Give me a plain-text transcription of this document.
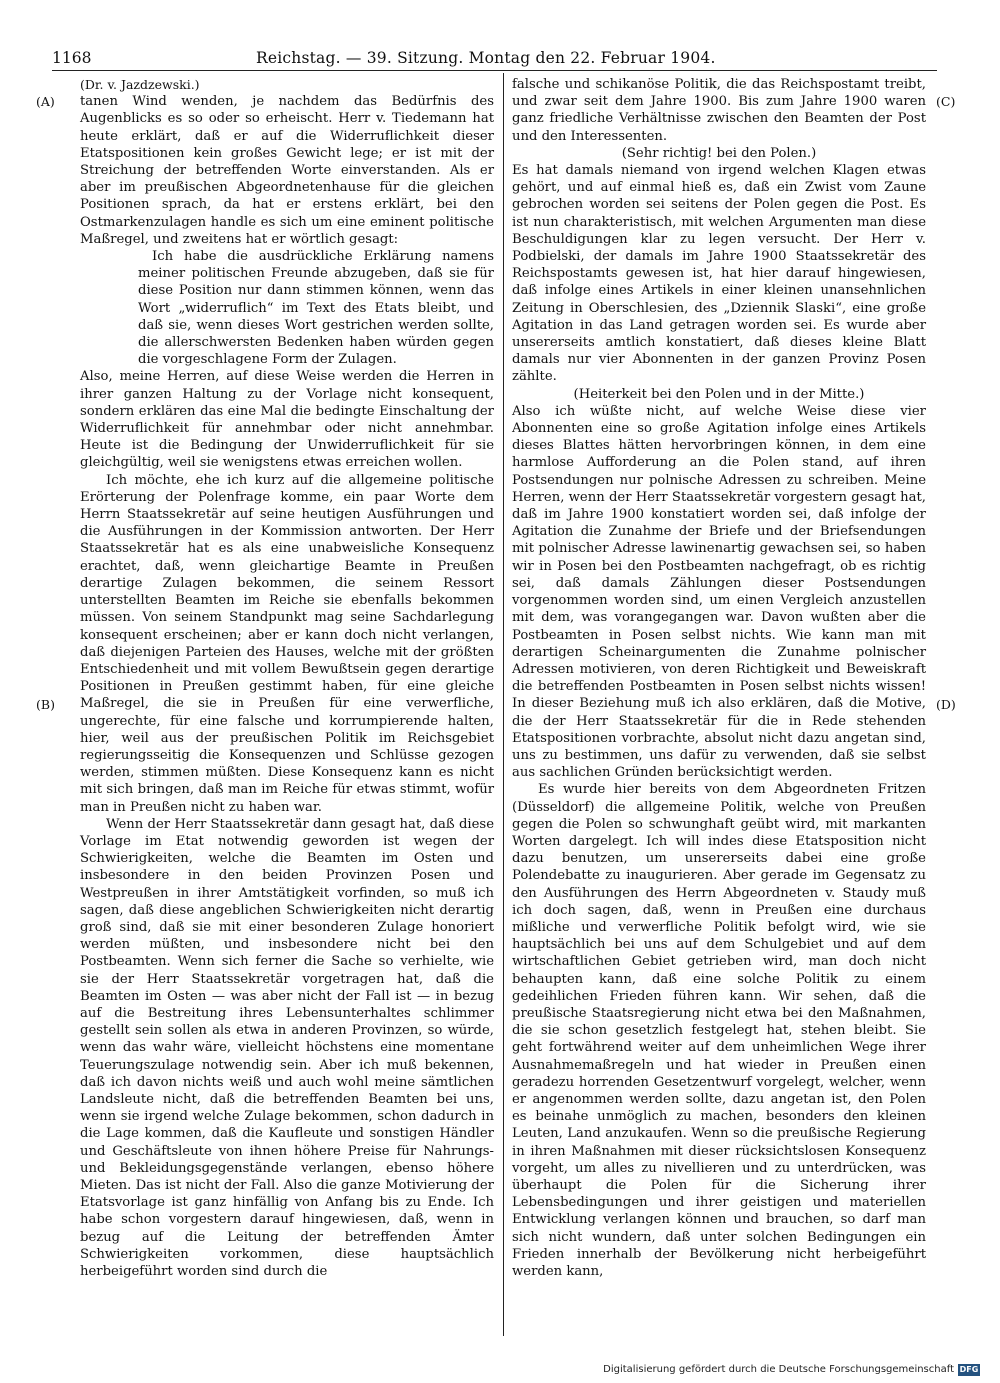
1168	Reichstag. — 39. Sitzung. Montag den 22. Februar 1904.
(A)
(B)
(C)
(D)

(Dr. v. Jazdzewski.)

tanen Wind wenden, je nachdem das Bedürfnis des Augenblicks es so oder so erheischt. Herr v. Tiedemann hat heute erklärt, daß er auf die Widerruflichkeit dieser Etatspositionen kein großes Gewicht lege; er ist mit der Streichung der betreffenden Worte einverstanden. Als er aber im preußischen Abgeordnetenhause für die gleichen Positionen sprach, da hat er erstens erklärt, bei den Ostmarkenzulagen handle es sich um eine eminent politische Maßregel, und zweitens hat er wörtlich gesagt:

Ich habe die ausdrückliche Erklärung namens meiner politischen Freunde abzugeben, daß sie für diese Position nur dann stimmen können, wenn das Wort „widerruflich“ im Text des Etats bleibt, und daß sie, wenn dieses Wort gestrichen werden sollte, die allerschwersten Bedenken haben würden gegen die vorgeschlagene Form der Zulagen.

Also, meine Herren, auf diese Weise werden die Herren in ihrer ganzen Haltung zu der Vorlage nicht konsequent, sondern erklären das eine Mal die bedingte Einschaltung der Widerruflichkeit für annehmbar oder nicht annehmbar. Heute ist die Bedingung der Unwiderruflichkeit für sie gleichgültig, weil sie wenigstens etwas erreichen wollen.

Ich möchte, ehe ich kurz auf die allgemeine politische Erörterung der Polenfrage komme, ein paar Worte dem Herrn Staatssekretär auf seine heutigen Ausführungen und die Ausführungen in der Kommission antworten. Der Herr Staatssekretär hat es als eine unabweisliche Konsequenz erachtet, daß, wenn gleichartige Beamte in Preußen derartige Zulagen bekommen, die seinem Ressort unterstellten Beamten im Reiche sie ebenfalls bekommen müssen. Von seinem Standpunkt mag seine Sachdarlegung konsequent erscheinen; aber er kann doch nicht verlangen, daß diejenigen Parteien des Hauses, welche mit der größten Entschiedenheit und mit vollem Bewußtsein gegen derartige Positionen in Preußen gestimmt haben, für eine gleiche Maßregel, die sie in Preußen für eine verwerfliche, ungerechte, für eine falsche und korrumpierende halten, hier, weil aus der preußischen Politik im Reichsgebiet regierungsseitig die Konsequenzen und Schlüsse gezogen werden, stimmen müßten. Diese Konsequenz kann es nicht mit sich bringen, daß man im Reiche für etwas stimmt, wofür man in Preußen nicht zu haben war.

Wenn der Herr Staatssekretär dann gesagt hat, daß diese Vorlage im Etat notwendig geworden ist wegen der Schwierigkeiten, welche die Beamten im Osten und insbesondere in den beiden Provinzen Posen und Westpreußen in ihrer Amtstätigkeit vorfinden, so muß ich sagen, daß diese angeblichen Schwierigkeiten nicht derartig groß sind, daß sie mit einer besonderen Zulage honoriert werden müßten, und insbesondere nicht bei den Postbeamten. Wenn sich ferner die Sache so verhielte, wie sie der Herr Staatssekretär vorgetragen hat, daß die Beamten im Osten — was aber nicht der Fall ist — in bezug auf die Bestreitung ihres Lebensunterhaltes schlimmer gestellt sein sollen als etwa in anderen Provinzen, so würde, wenn das wahr wäre, vielleicht höchstens eine momentane Teuerungszulage notwendig sein. Aber ich muß bekennen, daß ich davon nichts weiß und auch wohl meine sämtlichen Landsleute nicht, daß die betreffenden Beamten bei uns, wenn sie irgend welche Zulage bekommen, schon dadurch in die Lage kommen, daß die Kaufleute und sonstigen Händler und Geschäftsleute von ihnen höhere Preise für Nahrungs- und Bekleidungsgegenstände verlangen, ebenso höhere Mieten. Das ist nicht der Fall. Also die ganze Motivierung der Etatsvorlage ist ganz hinfällig von Anfang bis zu Ende. Ich habe schon vorgestern darauf hingewiesen, daß, wenn in bezug auf die Leitung der betreffenden Ämter Schwierigkeiten vorkommen, diese hauptsächlich herbeigeführt worden sind durch die

falsche und schikanöse Politik, die das Reichspostamt treibt, und zwar seit dem Jahre 1900. Bis zum Jahre 1900 waren ganz friedliche Verhältnisse zwischen den Beamten der Post und den Interessenten.

(Sehr richtig! bei den Polen.)

Es hat damals niemand von irgend welchen Klagen etwas gehört, und auf einmal hieß es, daß ein Zwist vom Zaune gebrochen worden sei seitens der Polen gegen die Post. Es ist nun charakteristisch, mit welchen Argumenten man diese Beschuldigungen klar zu legen versucht. Der Herr v. Podbielski, der damals im Jahre 1900 Staatssekretär des Reichspostamts gewesen ist, hat hier darauf hingewiesen, daß infolge eines Artikels in einer kleinen unansehnlichen Zeitung in Oberschlesien, des „Dziennik Slaski“, eine große Agitation in das Land getragen worden sei. Es wurde aber unsererseits amtlich konstatiert, daß dieses kleine Blatt damals nur vier Abonnenten in der ganzen Provinz Posen zählte.

(Heiterkeit bei den Polen und in der Mitte.)

Also ich wüßte nicht, auf welche Weise diese vier Abonnenten eine so große Agitation infolge eines Artikels dieses Blattes hätten hervorbringen können, in dem eine harmlose Aufforderung an die Polen stand, auf ihren Postsendungen nur polnische Adressen zu schreiben. Meine Herren, wenn der Herr Staatssekretär vorgestern gesagt hat, daß im Jahre 1900 konstatiert worden sei, daß infolge der Agitation die Zunahme der Briefe und der Briefsendungen mit polnischer Adresse lawinenartig gewachsen sei, so haben wir in Posen bei den Postbeamten nachgefragt, ob es richtig sei, daß damals Zählungen dieser Postsendungen vorgenommen worden sind, um einen Vergleich anzustellen mit dem, was vorangegangen war. Davon wußten aber die Postbeamten in Posen selbst nichts. Wie kann man mit derartigen Scheinargumenten die Zunahme polnischer Adressen motivieren, von deren Richtigkeit und Beweiskraft die betreffenden Postbeamten in Posen selbst nichts wissen! In dieser Beziehung muß ich also erklären, daß die Motive, die der Herr Staatssekretär für die in Rede stehenden Etatspositionen vorbrachte, absolut nicht dazu angetan sind, uns zu bestimmen, uns dafür zu verwenden, daß sie selbst aus sachlichen Gründen berücksichtigt werden.

Es wurde hier bereits von dem Abgeordneten Fritzen (Düsseldorf) die allgemeine Politik, welche von Preußen gegen die Polen so schwunghaft geübt wird, mit markanten Worten dargelegt. Ich will indes diese Etatsposition nicht dazu benutzen, um unsererseits dabei eine große Polendebatte zu inaugurieren. Aber gerade im Gegensatz zu den Ausführungen des Herrn Abgeordneten v. Staudy muß ich doch sagen, daß, wenn in Preußen eine durchaus mißliche und verwerfliche Politik befolgt wird, wie sie hauptsächlich bei uns auf dem Schulgebiet und auf dem wirtschaftlichen Gebiet getrieben wird, man doch nicht behaupten kann, daß eine solche Politik zu einem gedeihlichen Frieden führen kann. Wir sehen, daß die preußische Staatsregierung nicht etwa bei den Maßnahmen, die sie schon gesetzlich festgelegt hat, stehen bleibt. Sie geht fortwährend weiter auf dem unheimlichen Wege ihrer Ausnahmemaßregeln und hat wieder in Preußen einen geradezu horrenden Gesetzentwurf vorgelegt, welcher, wenn er angenommen werden sollte, dazu angetan ist, den Polen es beinahe unmöglich zu machen, besonders den kleinen Leuten, Land anzukaufen. Wenn so die preußische Regierung in ihren Maßnahmen mit dieser rücksichtslosen Konsequenz vorgeht, um alles zu nivellieren und zu unterdrücken, was überhaupt die Polen für die Sicherung ihrer Lebensbedingungen und ihrer geistigen und materiellen Entwicklung verlangen können und brauchen, so darf man sich nicht wundern, daß unter solchen Bedingungen ein Frieden innerhalb der Bevölkerung nicht herbeigeführt werden kann,

Digitalisierung gefördert durch die Deutsche Forschungsgemeinschaft DFG
